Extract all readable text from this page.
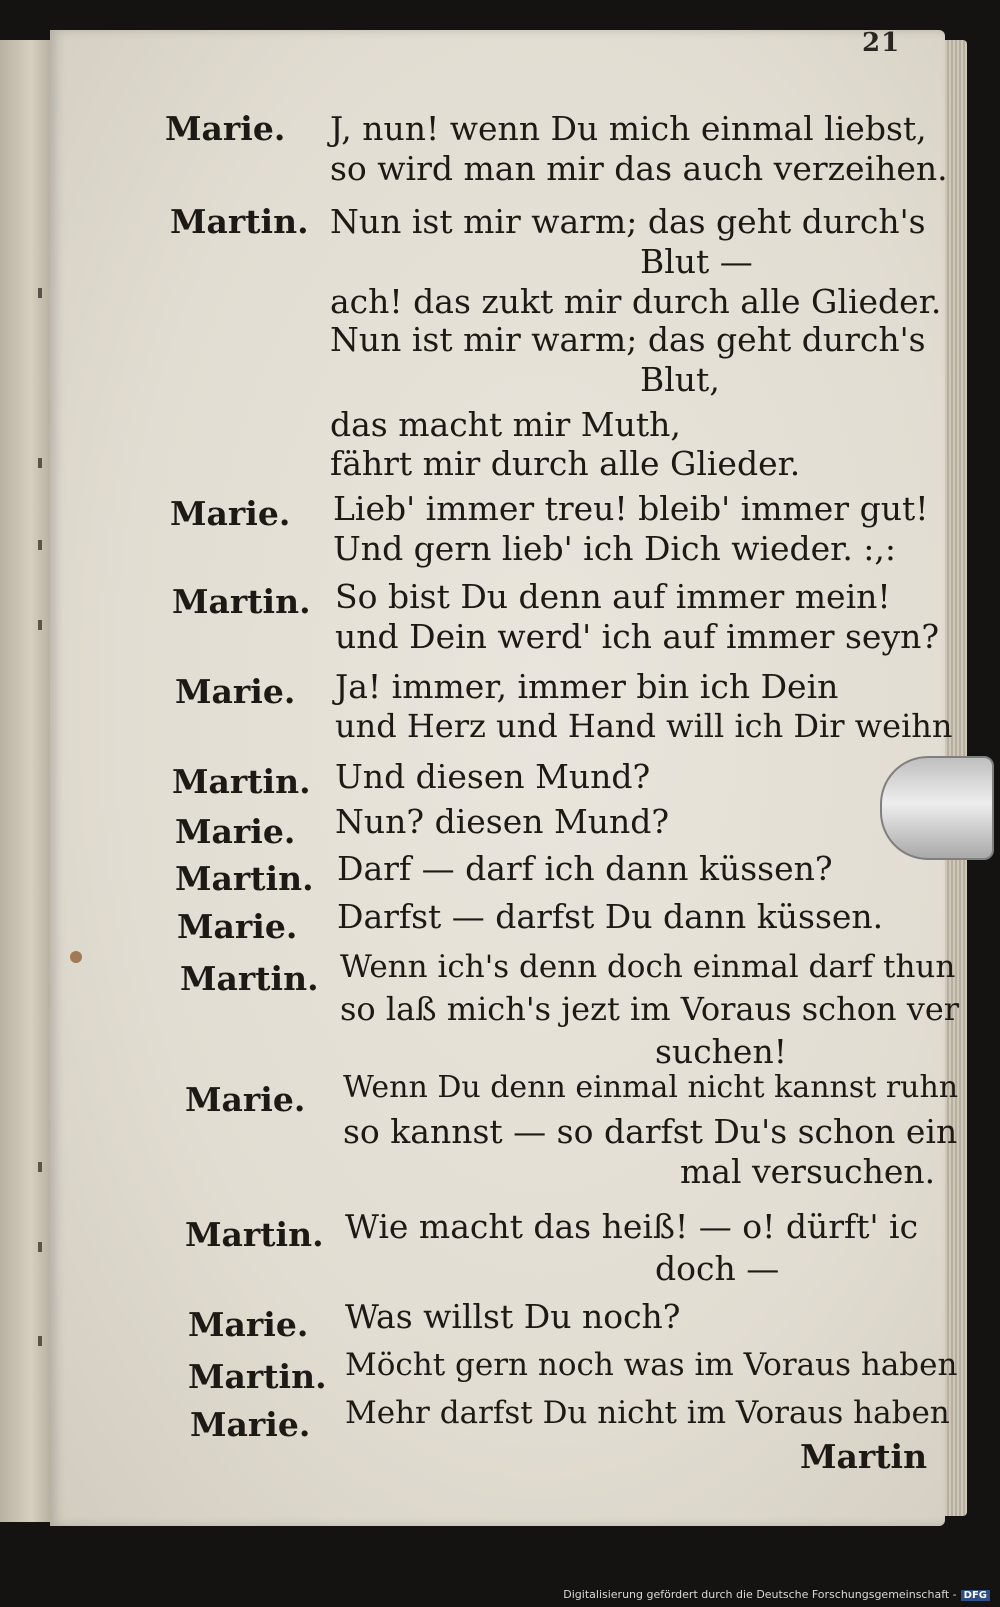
21
Marie. J, nun! wenn Du mich einmal liebst,
so wird man mir das auch verzeihen.
Martin. Nun ist mir warm; das geht durch's
Blut —
ach! das zukt mir durch alle Glieder.
Nun ist mir warm; das geht durch's
Blut,
das macht mir Muth,
fährt mir durch alle Glieder.
Marie. Lieb' immer treu! bleib' immer gut!
Und gern lieb' ich Dich wieder. :,:
Martin. So bist Du denn auf immer mein!
und Dein werd' ich auf immer seyn?
Marie. Ja! immer, immer bin ich Dein
und Herz und Hand will ich Dir weihn
Martin. Und diesen Mund?
Marie. Nun? diesen Mund?
Martin. Darf — darf ich dann küssen?
Marie. Darfst — darfst Du dann küssen.
Martin. Wenn ich's denn doch einmal darf thun
so laß mich's jezt im Voraus schon ver
suchen!
Marie. Wenn Du denn einmal nicht kannst ruhn
so kannst — so darfst Du's schon ein
mal versuchen.
Martin. Wie macht das heiß! — o! dürft' ic
doch —
Marie. Was willst Du noch?
Martin. Möcht gern noch was im Voraus haben
Marie. Mehr darfst Du nicht im Voraus haben
Martin
Digitalisierung gefördert durch die Deutsche Forschungsgemeinschaft - DFG
